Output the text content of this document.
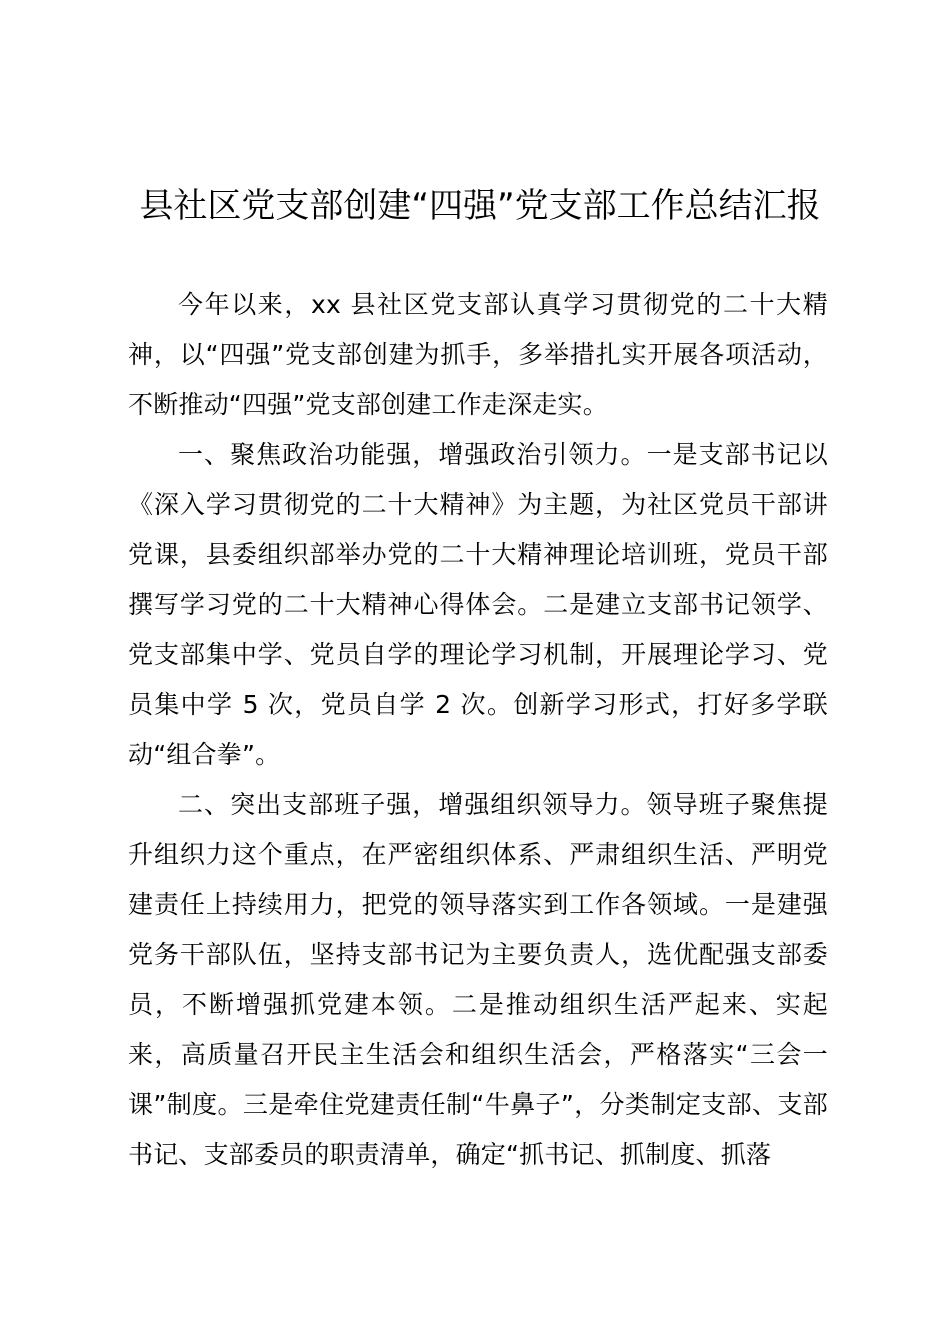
县社区党支部创建“四强”党支部工作总结汇报

今年以来，xx 县社区党支部认真学习贯彻党的二十大精神，以“四强”党支部创建为抓手，多举措扎实开展各项活动，不断推动“四强”党支部创建工作走深走实。

一、聚焦政治功能强，增强政治引领力。一是支部书记以《深入学习贯彻党的二十大精神》为主题，为社区党员干部讲党课，县委组织部举办党的二十大精神理论培训班，党员干部撰写学习党的二十大精神心得体会。二是建立支部书记领学、党支部集中学、党员自学的理论学习机制，开展理论学习、党员集中学 5 次，党员自学 2 次。创新学习形式，打好多学联动“组合拳”。

二、突出支部班子强，增强组织领导力。领导班子聚焦提升组织力这个重点，在严密组织体系、严肃组织生活、严明党建责任上持续用力，把党的领导落实到工作各领域。一是建强党务干部队伍，坚持支部书记为主要负责人，选优配强支部委员，不断增强抓党建本领。二是推动组织生活严起来、实起来，高质量召开民主生活会和组织生活会，严格落实“三会一课”制度。三是牵住党建责任制“牛鼻子”，分类制定支部、支部书记、支部委员的职责清单，确定“抓书记、抓制度、抓落
